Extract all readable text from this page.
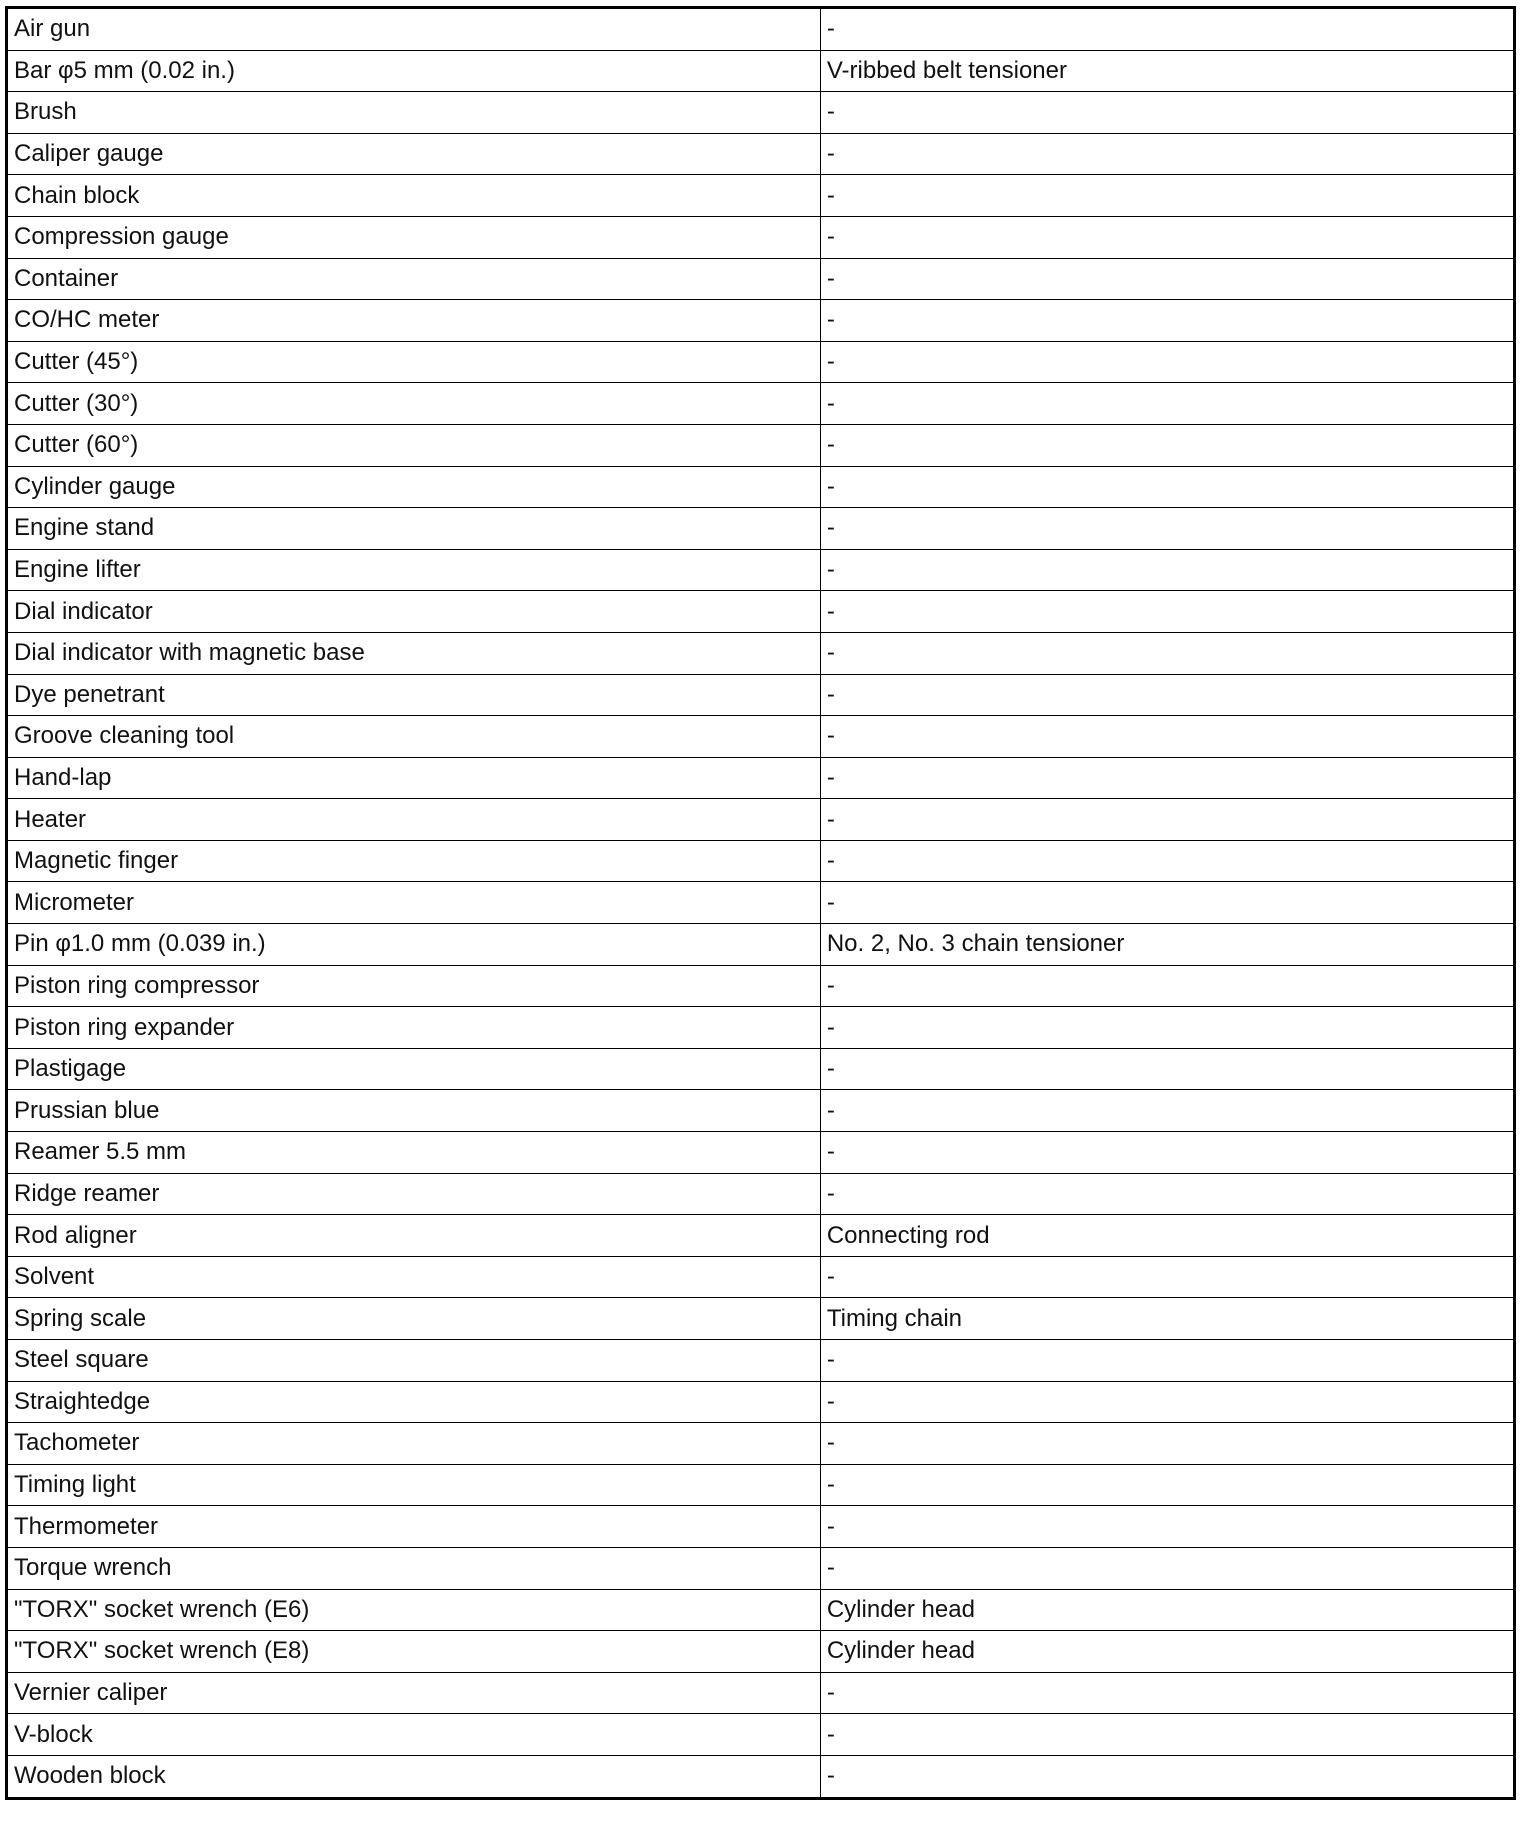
Air gun	-
Bar φ5 mm (0.02 in.)	V-ribbed belt tensioner
Brush	-
Caliper gauge	-
Chain block	-
Compression gauge	-
Container	-
CO/HC meter	-
Cutter (45°)	-
Cutter (30°)	-
Cutter (60°)	-
Cylinder gauge	-
Engine stand	-
Engine lifter	-
Dial indicator	-
Dial indicator with magnetic base	-
Dye penetrant	-
Groove cleaning tool	-
Hand-lap	-
Heater	-
Magnetic finger	-
Micrometer	-
Pin φ1.0 mm (0.039 in.)	No. 2, No. 3 chain tensioner
Piston ring compressor	-
Piston ring expander	-
Plastigage	-
Prussian blue	-
Reamer 5.5 mm	-
Ridge reamer	-
Rod aligner	Connecting rod
Solvent	-
Spring scale	Timing chain
Steel square	-
Straightedge	-
Tachometer	-
Timing light	-
Thermometer	-
Torque wrench	-
"TORX" socket wrench (E6)	Cylinder head
"TORX" socket wrench (E8)	Cylinder head
Vernier caliper	-
V-block	-
Wooden block	-
